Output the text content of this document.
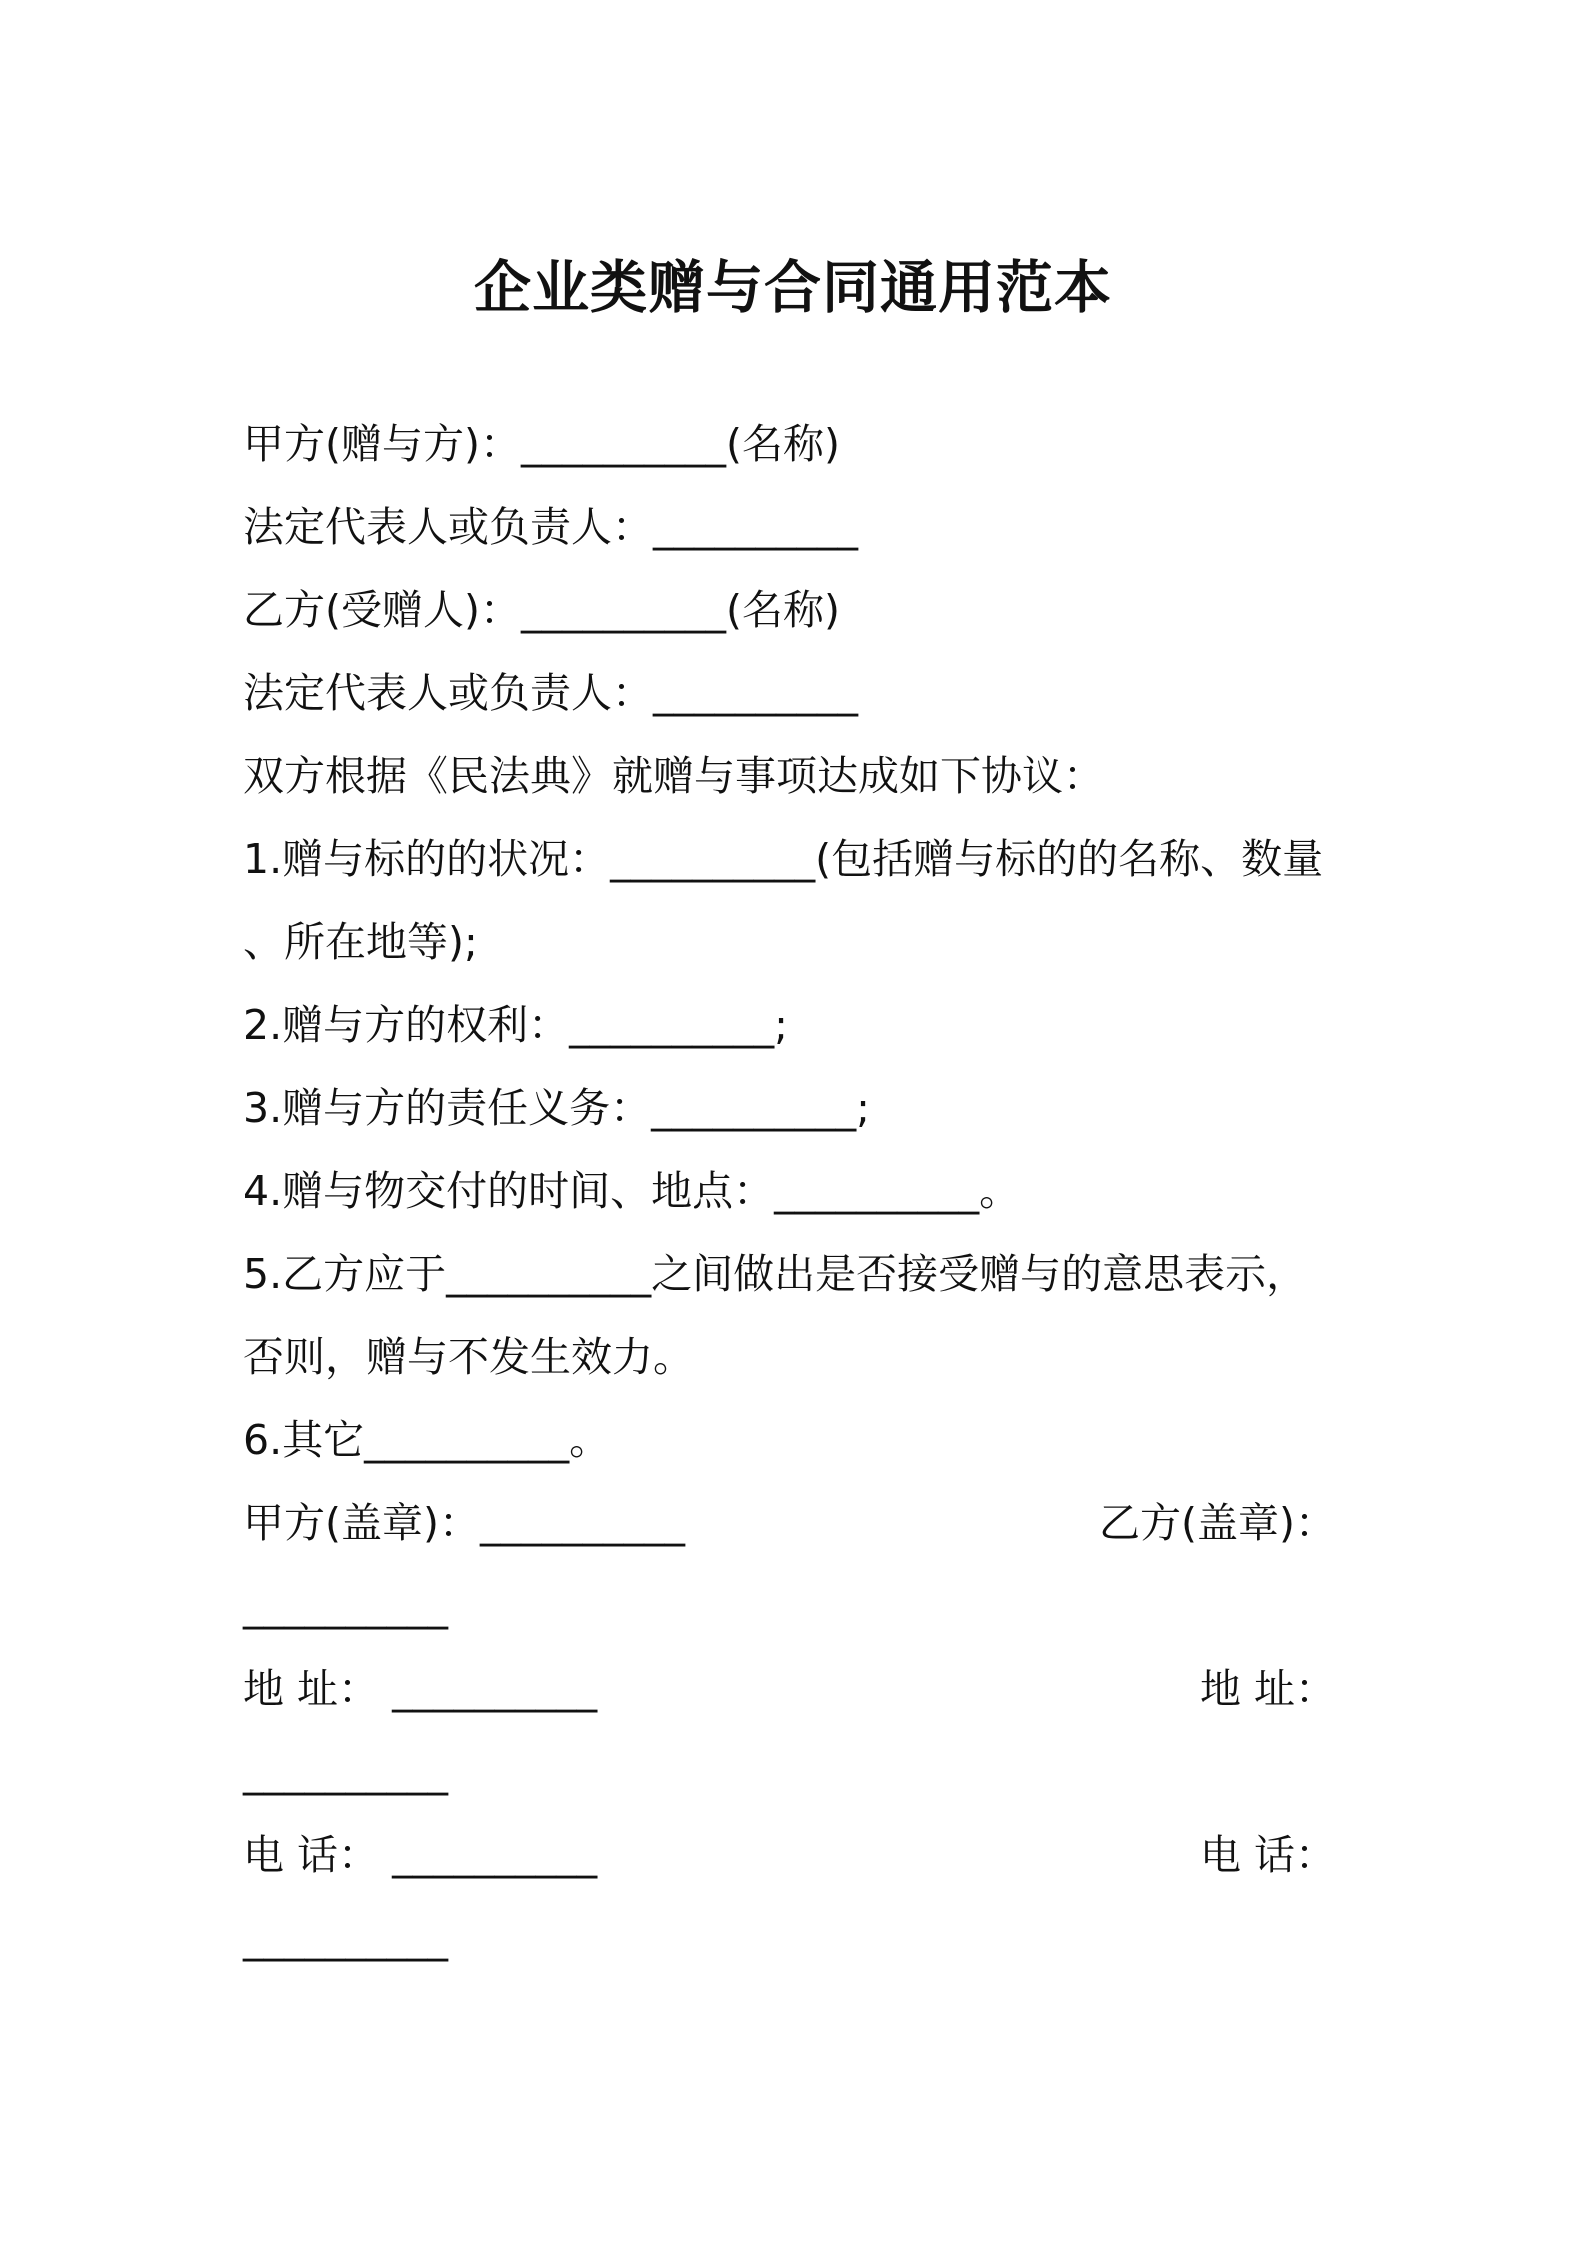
企业类赠与合同通用范本

甲方(赠与方)：__________(名称)

法定代表人或负责人：__________

乙方(受赠人)：__________(名称)

法定代表人或负责人：__________

双方根据《民法典》就赠与事项达成如下协议：

1.赠与标的的状况：__________(包括赠与标的的名称、数量

、所在地等);

2.赠与方的权利：__________;

3.赠与方的责任义务：__________;

4.赠与物交付的时间、地点：__________。

5.乙方应于__________之间做出是否接受赠与的意思表示，

否则，赠与不发生效力。

6.其它__________。

甲方(盖章)：__________	乙方(盖章)：

__________

地 址： __________	地 址：

__________

电 话： __________	电 话：

__________
